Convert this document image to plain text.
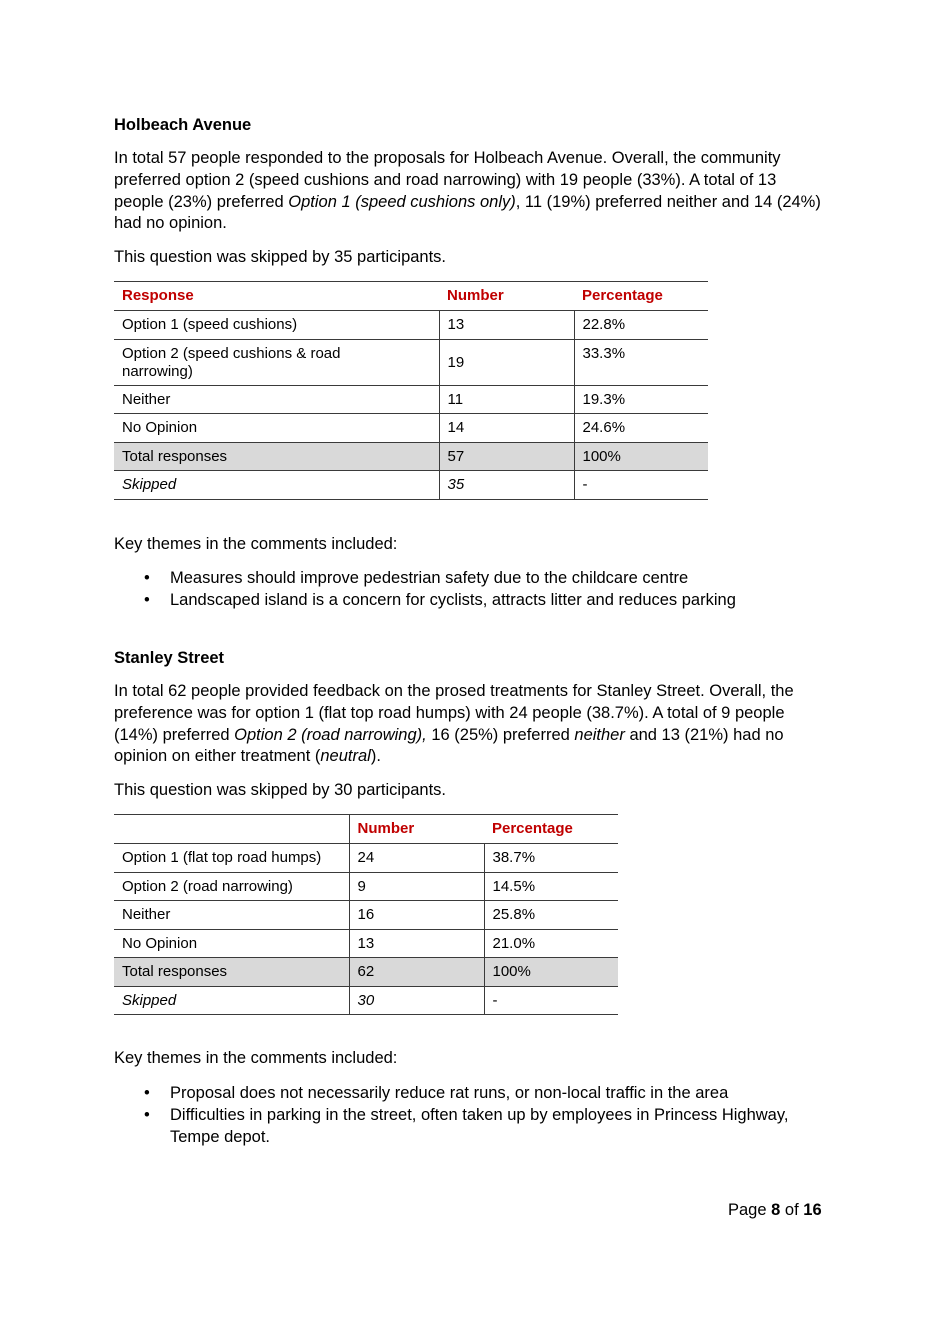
Holbeach Avenue
In total 57 people responded to the proposals for Holbeach Avenue. Overall, the community preferred option 2 (speed cushions and road narrowing) with 19 people (33%). A total of 13 people (23%) preferred Option 1 (speed cushions only), 11 (19%) preferred neither and 14 (24%) had no opinion.
This question was skipped by 35 participants.
Response	Number	Percentage
Option 1 (speed cushions)	13	22.8%
Option 2 (speed cushions & road narrowing)	19	33.3%
Neither	11	19.3%
No Opinion	14	24.6%
Total responses	57	100%
Skipped	35	-
Key themes in the comments included:
• Measures should improve pedestrian safety due to the childcare centre
• Landscaped island is a concern for cyclists, attracts litter and reduces parking
Stanley Street
In total 62 people provided feedback on the prosed treatments for Stanley Street. Overall, the preference was for option 1 (flat top road humps) with 24 people (38.7%). A total of 9 people (14%) preferred Option 2 (road narrowing), 16 (25%) preferred neither and 13 (21%) had no opinion on either treatment (neutral).
This question was skipped by 30 participants.
	Number	Percentage
Option 1 (flat top road humps)	24	38.7%
Option 2 (road narrowing)	9	14.5%
Neither	16	25.8%
No Opinion	13	21.0%
Total responses	62	100%
Skipped	30	-
Key themes in the comments included:
• Proposal does not necessarily reduce rat runs, or non-local traffic in the area
• Difficulties in parking in the street, often taken up by employees in Princess Highway, Tempe depot.
Page 8 of 16
